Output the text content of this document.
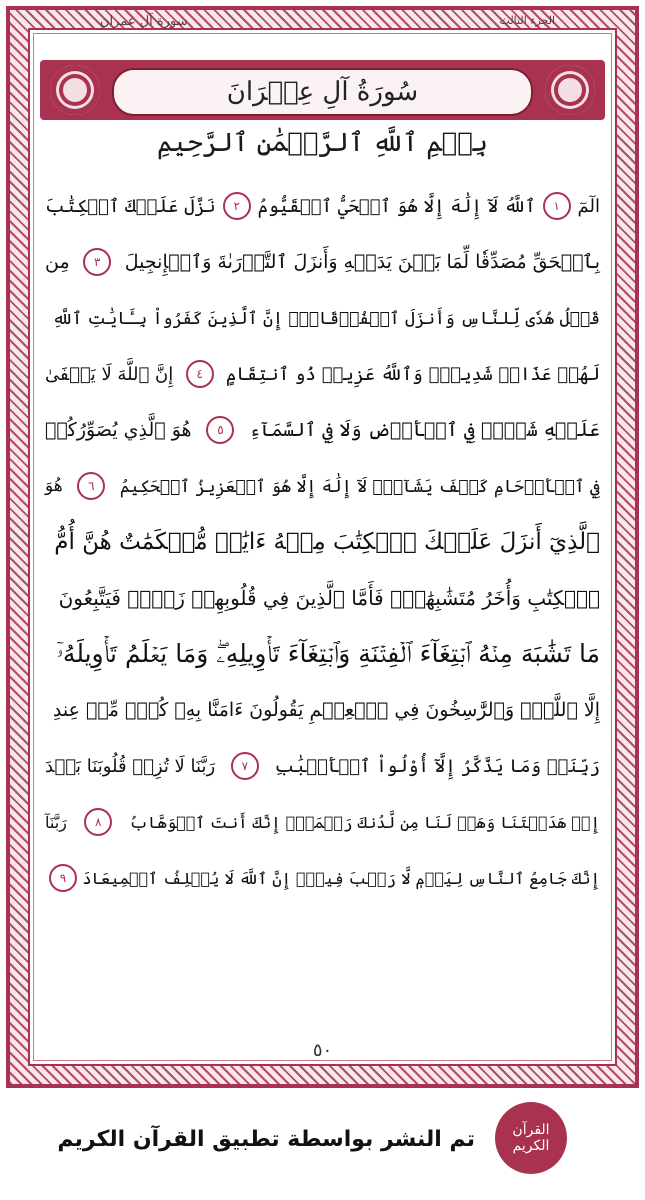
سورة آل عمران	الجزء الثالث
سُورَةُ آلِ عِمۡرَانَ
بِسۡمِ ٱللَّهِ ٱلرَّحۡمَٰنِ ٱلرَّحِيمِ
الٓمٓ
١
ٱللَّهُ لَآ إِلَٰهَ إِلَّا هُوَ ٱلۡحَيُّ ٱلۡقَيُّومُ
٢
نَزَّلَ عَلَيۡكَ ٱلۡكِتَٰبَ
بِٱلۡحَقِّ مُصَدِّقٗا لِّمَا بَيۡنَ يَدَيۡهِ وَأَنزَلَ ٱلتَّوۡرَىٰةَ وَٱلۡإِنجِيلَ
٣
مِن
قَبۡلُ هُدٗى لِّلنَّاسِ وَأَنزَلَ ٱلۡفُرۡقَانَۗ إِنَّ ٱلَّذِينَ كَفَرُواْ بِـَٔايَٰتِ ٱللَّهِ
لَهُمۡ عَذَابٞ شَدِيدٞۗ وَٱللَّهُ عَزِيزٞ ذُو ٱنتِقَامٍ
٤
إِنَّ ٱللَّهَ لَا يَخۡفَىٰ
عَلَيۡهِ شَيۡءٞ فِي ٱلۡأَرۡضِ وَلَا فِي ٱلسَّمَآءِ
٥
هُوَ ٱلَّذِي يُصَوِّرُكُمۡ
فِي ٱلۡأَرۡحَامِ كَيۡفَ يَشَآءُۚ لَآ إِلَٰهَ إِلَّا هُوَ ٱلۡعَزِيزُ ٱلۡحَكِيمُ
٦
هُوَ
ٱلَّذِيٓ أَنزَلَ عَلَيۡكَ ٱلۡكِتَٰبَ مِنۡهُ ءَايَٰتٞ مُّحۡكَمَٰتٌ هُنَّ أُمُّ
ٱلۡكِتَٰبِ وَأُخَرُ مُتَشَٰبِهَٰتٞۖ فَأَمَّا ٱلَّذِينَ فِي قُلُوبِهِمۡ زَيۡغٞ فَيَتَّبِعُونَ
مَا تَشَٰبَهَ مِنۡهُ ٱبۡتِغَآءَ ٱلۡفِتۡنَةِ وَٱبۡتِغَآءَ تَأۡوِيلِهِۦۖ وَمَا يَعۡلَمُ تَأۡوِيلَهُۥٓ
إِلَّا ٱللَّهُۗ وَٱلرَّٰسِخُونَ فِي ٱلۡعِلۡمِ يَقُولُونَ ءَامَنَّا بِهِۦ كُلّٞ مِّنۡ عِندِ
رَبِّنَاۗ وَمَا يَذَّكَّرُ إِلَّآ أُوْلُواْ ٱلۡأَلۡبَٰبِ
٧
رَبَّنَا لَا تُزِغۡ قُلُوبَنَا بَعۡدَ
إِذۡ هَدَيۡتَنَا وَهَبۡ لَنَا مِن لَّدُنكَ رَحۡمَةًۚ إِنَّكَ أَنتَ ٱلۡوَهَّابُ
٨
رَبَّنَآ
إِنَّكَ جَامِعُ ٱلنَّاسِ لِيَوۡمٖ لَّا رَيۡبَ فِيهِۚ إِنَّ ٱللَّهَ لَا يُخۡلِفُ ٱلۡمِيعَادَ
٩
٥٠
تم النشر بواسطة تطبيق القرآن الكريم	القرآن
الكريم
